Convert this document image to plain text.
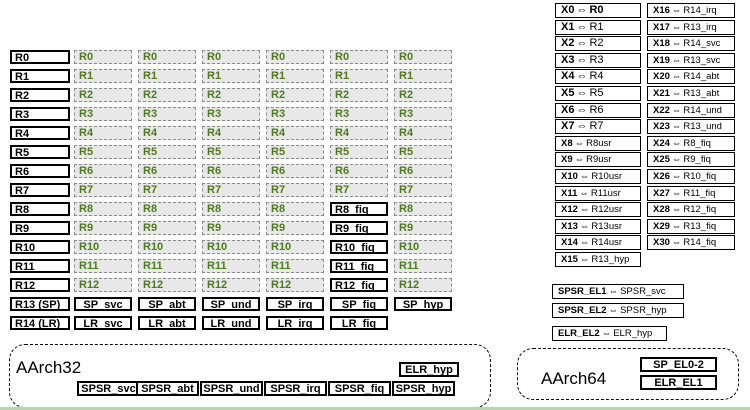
AArch32
AArch64
R0
R1
R2
R3
R4
R5
R6
R7
R8
R9
R10
R11
R12
R13 (SP)
R14 (LR)
R0
R1
R2
R3
R4
R5
R6
R7
R8
R9
R10
R11
R12
SP_svc
LR_svc
SPSR_svc
R0
R1
R2
R3
R4
R5
R6
R7
R8
R9
R10
R11
R12
SP_abt
LR_abt
SPSR_abt
R0
R1
R2
R3
R4
R5
R6
R7
R8
R9
R10
R11
R12
SP_und
LR_und
SPSR_und
R0
R1
R2
R3
R4
R5
R6
R7
R8
R9
R10
R11
R12
SP_irq
LR_irq
SPSR_irq
R0
R1
R2
R3
R4
R5
R6
R7
R8_fiq
R9_fiq
R10_fiq
R11_fiq
R12_fiq
SP_fiq
LR_fiq
SPSR_fiq
R0
R1
R2
R3
R4
R5
R6
R7
R8
R9
R10
R11
R12
SP_hyp
SPSR_hyp
ELR_hyp	SP_EL0-2
ELR_EL1
X0 ⇔ R0
X1 ⇔ R1
X2 ⇔ R2
X3 ⇔ R3
X4 ⇔ R4
X5 ⇔ R5
X6 ⇔ R6
X7 ⇔ R7
X8 ⇔ R8usr
X9 ⇔ R9usr
X10 ⇔ R10usr
X11 ⇔ R11usr
X12 ⇔ R12usr
X13 ⇔ R13usr
X14 ⇔ R14usr
X15 ⇔ R13_hyp
X16 ⇔ R14_irq
X17 ⇔ R13_irq
X18 ⇔ R14_svc
X19 ⇔ R13_svc
X20 ⇔ R14_abt
X21 ⇔ R13_abt
X22 ⇔ R14_und
X23 ⇔ R13_und
X24 ⇔ R8_fiq
X25 ⇔ R9_fiq
X26 ⇔ R10_fiq
X27 ⇔ R11_fiq
X28 ⇔ R12_fiq
X29 ⇔ R13_fiq
X30 ⇔ R14_fiq
SPSR_EL1 ⇔ SPSR_svc
SPSR_EL2 ⇔ SPSR_hyp
ELR_EL2 ⇔ ELR_hyp
